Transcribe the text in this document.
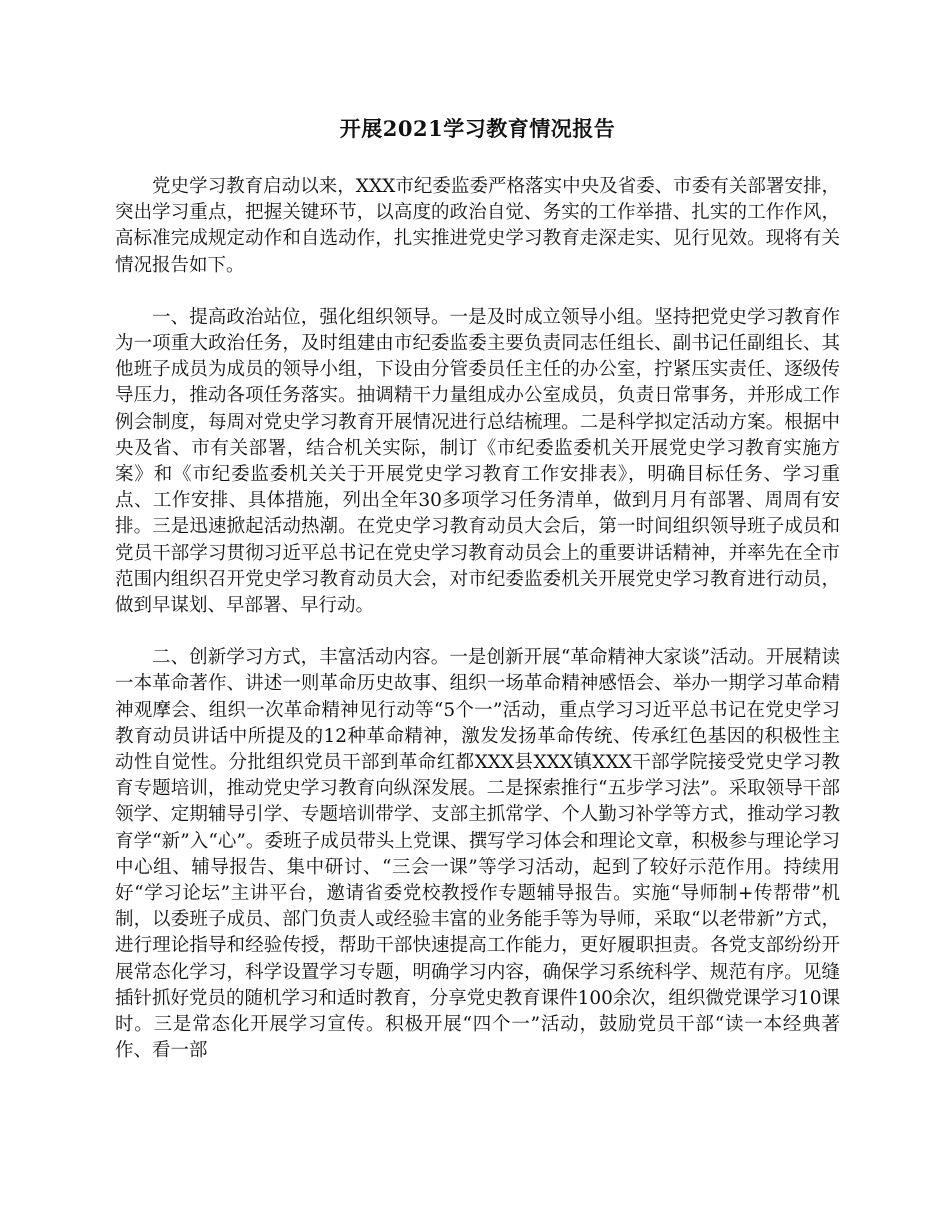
开展2021学习教育情况报告

党史学习教育启动以来，XXX市纪委监委严格落实中央及省委、市委有关部署安排，突出学习重点，把握关键环节，以高度的政治自觉、务实的工作举措、扎实的工作作风，高标准完成规定动作和自选动作，扎实推进党史学习教育走深走实、见行见效。现将有关情况报告如下。

一、提高政治站位，强化组织领导。一是及时成立领导小组。坚持把党史学习教育作为一项重大政治任务，及时组建由市纪委监委主要负责同志任组长、副书记任副组长、其他班子成员为成员的领导小组，下设由分管委员任主任的办公室，拧紧压实责任、逐级传导压力，推动各项任务落实。抽调精干力量组成办公室成员，负责日常事务，并形成工作例会制度，每周对党史学习教育开展情况进行总结梳理。二是科学拟定活动方案。根据中央及省、市有关部署，结合机关实际，制订《市纪委监委机关开展党史学习教育实施方案》和《市纪委监委机关关于开展党史学习教育工作安排表》，明确目标任务、学习重点、工作安排、具体措施，列出全年30多项学习任务清单，做到月月有部署、周周有安排。三是迅速掀起活动热潮。在党史学习教育动员大会后，第一时间组织领导班子成员和党员干部学习贯彻习近平总书记在党史学习教育动员会上的重要讲话精神，并率先在全市范围内组织召开党史学习教育动员大会，对市纪委监委机关开展党史学习教育进行动员，做到早谋划、早部署、早行动。

二、创新学习方式，丰富活动内容。一是创新开展“革命精神大家谈”活动。开展精读一本革命著作、讲述一则革命历史故事、组织一场革命精神感悟会、举办一期学习革命精神观摩会、组织一次革命精神见行动等“5个一”活动，重点学习习近平总书记在党史学习教育动员讲话中所提及的12种革命精神，激发发扬革命传统、传承红色基因的积极性主动性自觉性。分批组织党员干部到革命红都XXX县XXX镇XXX干部学院接受党史学习教育专题培训，推动党史学习教育向纵深发展。二是探索推行“五步学习法”。采取领导干部领学、定期辅导引学、专题培训带学、支部主抓常学、个人勤习补学等方式，推动学习教育学“新”入“心”。委班子成员带头上党课、撰写学习体会和理论文章，积极参与理论学习中心组、辅导报告、集中研讨、“三会一课”等学习活动，起到了较好示范作用。持续用好“学习论坛”主讲平台，邀请省委党校教授作专题辅导报告。实施“导师制+传帮带”机制，以委班子成员、部门负责人或经验丰富的业务能手等为导师，采取“以老带新”方式，进行理论指导和经验传授，帮助干部快速提高工作能力，更好履职担责。各党支部纷纷开展常态化学习，科学设置学习专题，明确学习内容，确保学习系统科学、规范有序。见缝插针抓好党员的随机学习和适时教育，分享党史教育课件100余次，组织微党课学习10课时。三是常态化开展学习宣传。积极开展“四个一”活动，鼓励党员干部“读一本经典著作、看一部
